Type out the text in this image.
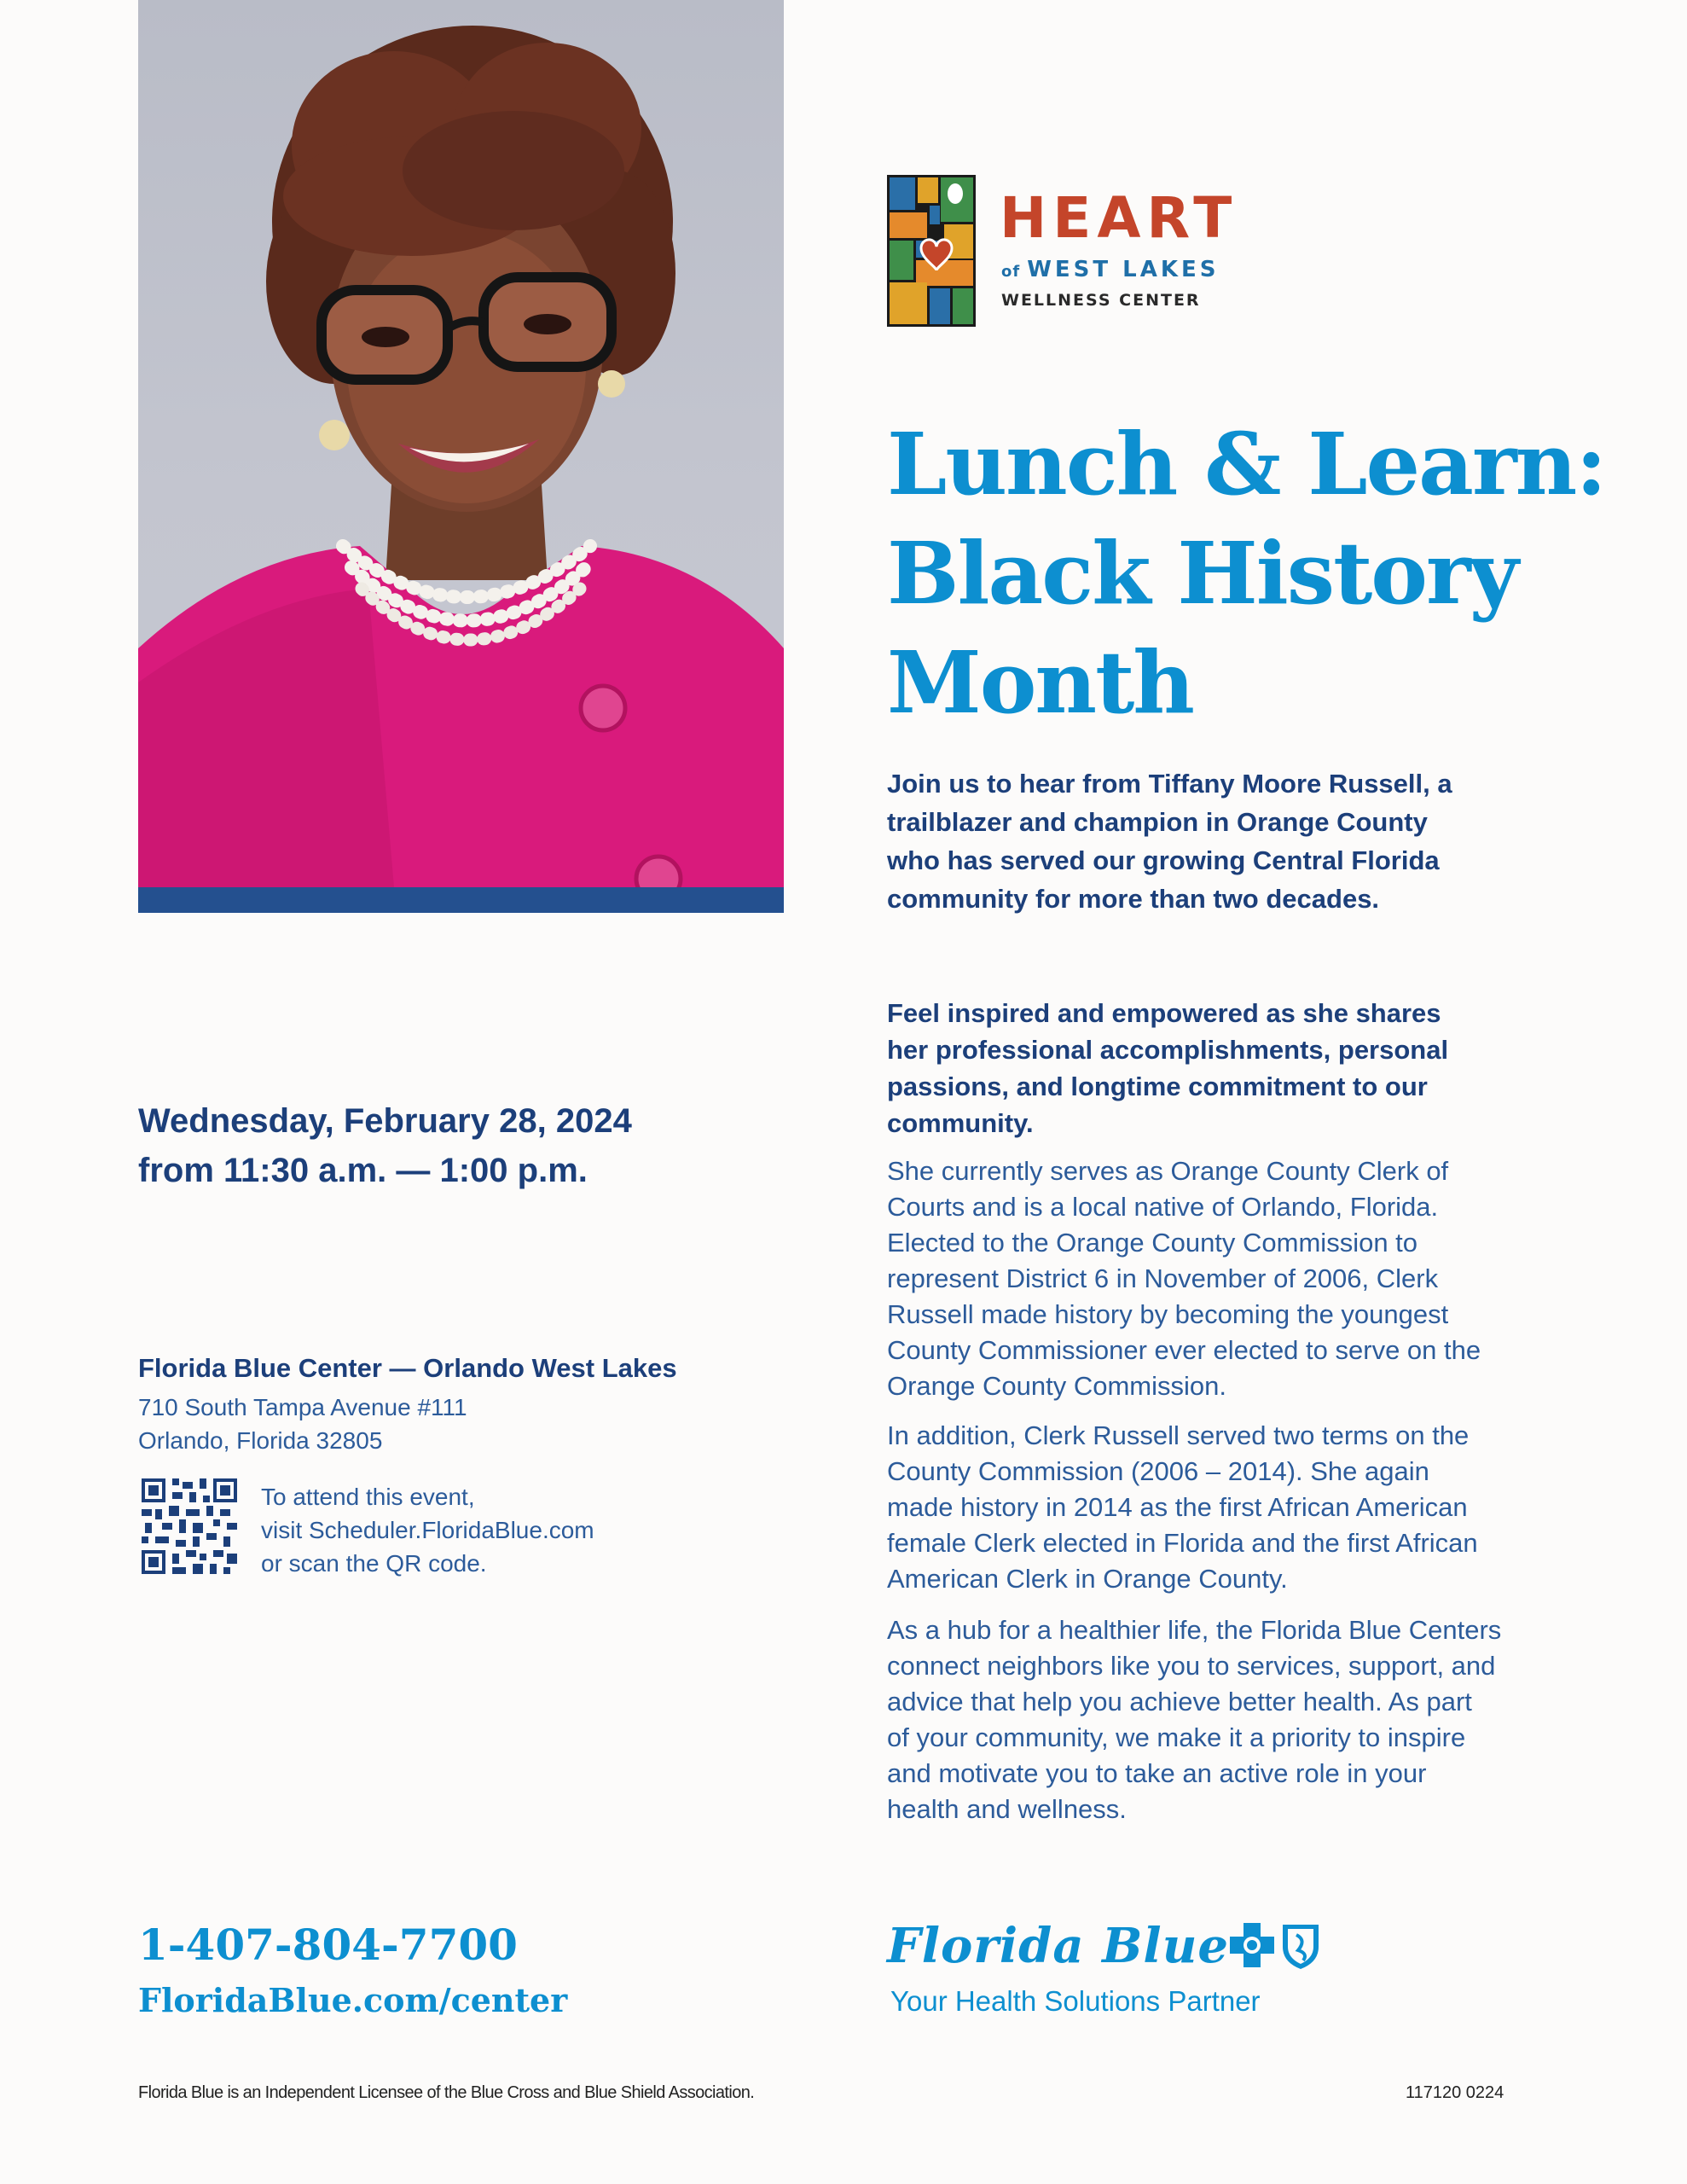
HEART
of WEST LAKES
WELLNESS CENTER
Lunch & Learn:
Black History
Month
Join us to hear from Tiffany Moore Russell, a
trailblazer and champion in Orange County
who has served our growing Central Florida
community for more than two decades.
Feel inspired and empowered as she shares
her professional accomplishments, personal
passions, and longtime commitment to our
community.
She currently serves as Orange County Clerk of
Courts and is a local native of Orlando, Florida.
Elected to the Orange County Commission to
represent District 6 in November of 2006, Clerk
Russell made history by becoming the youngest
County Commissioner ever elected to serve on the
Orange County Commission.
In addition, Clerk Russell served two terms on the
County Commission (2006 – 2014). She again
made history in 2014 as the first African American
female Clerk elected in Florida and the first African
American Clerk in Orange County.
As a hub for a healthier life, the Florida Blue Centers
connect neighbors like you to services, support, and
advice that help you achieve better health. As part
of your community, we make it a priority to inspire
and motivate you to take an active role in your
health and wellness.
Wednesday, February 28, 2024
from 11:30 a.m. — 1:00 p.m.
Florida Blue Center — Orlando West Lakes
710 South Tampa Avenue #111
Orlando, Florida 32805
To attend this event,
visit Scheduler.FloridaBlue.com
or scan the QR code.
1-407-804-7700
FloridaBlue.com/center
Florida Blue
Your Health Solutions Partner
Florida Blue is an Independent Licensee of the Blue Cross and Blue Shield Association.	117120 0224
